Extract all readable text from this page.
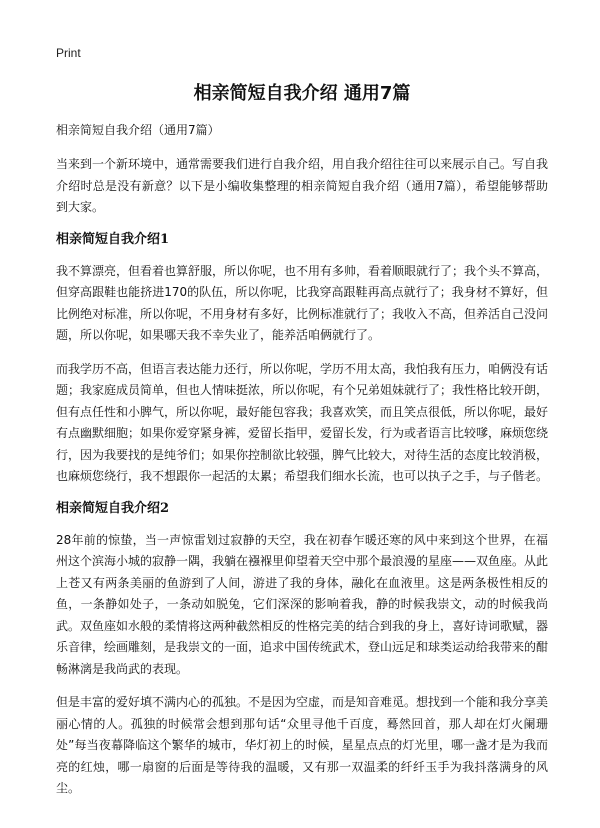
Print
相亲简短自我介绍 通用7篇
相亲简短自我介绍（通用7篇）

当来到一个新环境中，通常需要我们进行自我介绍，用自我介绍往往可以来展示自己。写自我介绍时总是没有新意？以下是小编收集整理的相亲简短自我介绍（通用7篇），希望能够帮助到大家。

相亲简短自我介绍1

我不算漂亮，但看着也算舒服，所以你呢，也不用有多帅，看着顺眼就行了；我个头不算高，但穿高跟鞋也能挤进170的队伍，所以你呢，比我穿高跟鞋再高点就行了；我身材不算好，但比例绝对标准，所以你呢，不用身材有多好，比例标准就行了；我收入不高，但养活自己没问题，所以你呢，如果哪天我不幸失业了，能养活咱俩就行了。

而我学历不高，但语言表达能力还行，所以你呢，学历不用太高，我怕我有压力，咱俩没有话题；我家庭成员简单，但也人情味挺浓，所以你呢，有个兄弟姐妹就行了；我性格比较开朗，但有点任性和小脾气，所以你呢，最好能包容我；我喜欢笑，而且笑点很低，所以你呢，最好有点幽默细胞；如果你爱穿紧身裤，爱留长指甲，爱留长发，行为或者语言比较嗲，麻烦您绕行，因为我要找的是纯爷们；如果你控制欲比较强，脾气比较大，对待生活的态度比较消极，也麻烦您绕行，我不想跟你一起活的太累；希望我们细水长流，也可以执子之手，与子偕老。

相亲简短自我介绍2

28年前的惊蛰，当一声惊雷划过寂静的天空，我在初春乍暖还寒的风中来到这个世界，在福州这个滨海小城的寂静一隅，我躺在襁褓里仰望着天空中那个最浪漫的星座——双鱼座。从此上苍又有两条美丽的鱼游到了人间，游进了我的身体，融化在血液里。这是两条极性相反的鱼，一条静如处子，一条动如脱兔，它们深深的影响着我，静的时候我崇文，动的时候我尚武。双鱼座如水般的柔情将这两种截然相反的性格完美的结合到我的身上，喜好诗词歌赋，器乐音律，绘画雕刻，是我崇文的一面，追求中国传统武术，登山远足和球类运动给我带来的酣畅淋漓是我尚武的表现。

但是丰富的爱好填不满内心的孤独。不是因为空虚，而是知音难觅。想找到一个能和我分享美丽心情的人。孤独的时候常会想到那句话“众里寻他千百度，蓦然回首，那人却在灯火阑珊处”每当夜幕降临这个繁华的城市，华灯初上的时候，星星点点的灯光里，哪一盏才是为我而亮的红烛，哪一扇窗的后面是等待我的温暖，又有那一双温柔的纤纤玉手为我抖落满身的风尘。
